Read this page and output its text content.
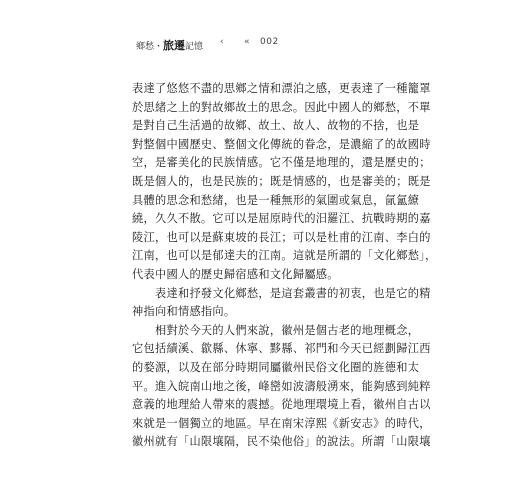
鄉愁・旅遷記憶 ‹ « 002
表達了悠悠不盡的思鄉之情和漂泊之感，更表達了一種籠罩
於思緒之上的對故鄉故土的思念。因此中國人的鄉愁，不單
是對自己生活過的故鄉、故土、故人、故物的不捨，也是
對整個中國歷史、整個文化傳統的眷念，是濃縮了的故國時
空，是審美化的民族情感。它不僅是地理的，還是歷史的；
既是個人的，也是民族的；既是情感的，也是審美的；既是
具體的思念和愁緒，也是一種無形的氣圍或氣息，氤氳繚
繞，久久不散。它可以是屈原時代的汨羅江、抗戰時期的嘉
陵江，也可以是蘇東坡的長江；可以是杜甫的江南、李白的
江南，也可以是郁達夫的江南。這就是所謂的「文化鄉愁」，
代表中國人的歷史歸宿感和文化歸屬感。
　　表達和抒發文化鄉愁，是這套叢書的初衷，也是它的精
神指向和情感指向。
　　相對於今天的人們來說，徽州是個古老的地理概念，
它包括績溪、歙縣、休寧、黟縣、祁門和今天已經劃歸江西
的婺源，以及在部分時期同屬徽州民俗文化圈的旌德和太
平。進入皖南山地之後，峰巒如波濤般湧來，能夠感到純粹
意義的地理給人帶來的震撼。從地理環境上看，徽州自古以
來就是一個獨立的地區。早在南宋淳熙《新安志》的時代，
徽州就有「山限壤隔，民不染他俗」的說法。所謂「山限壤
